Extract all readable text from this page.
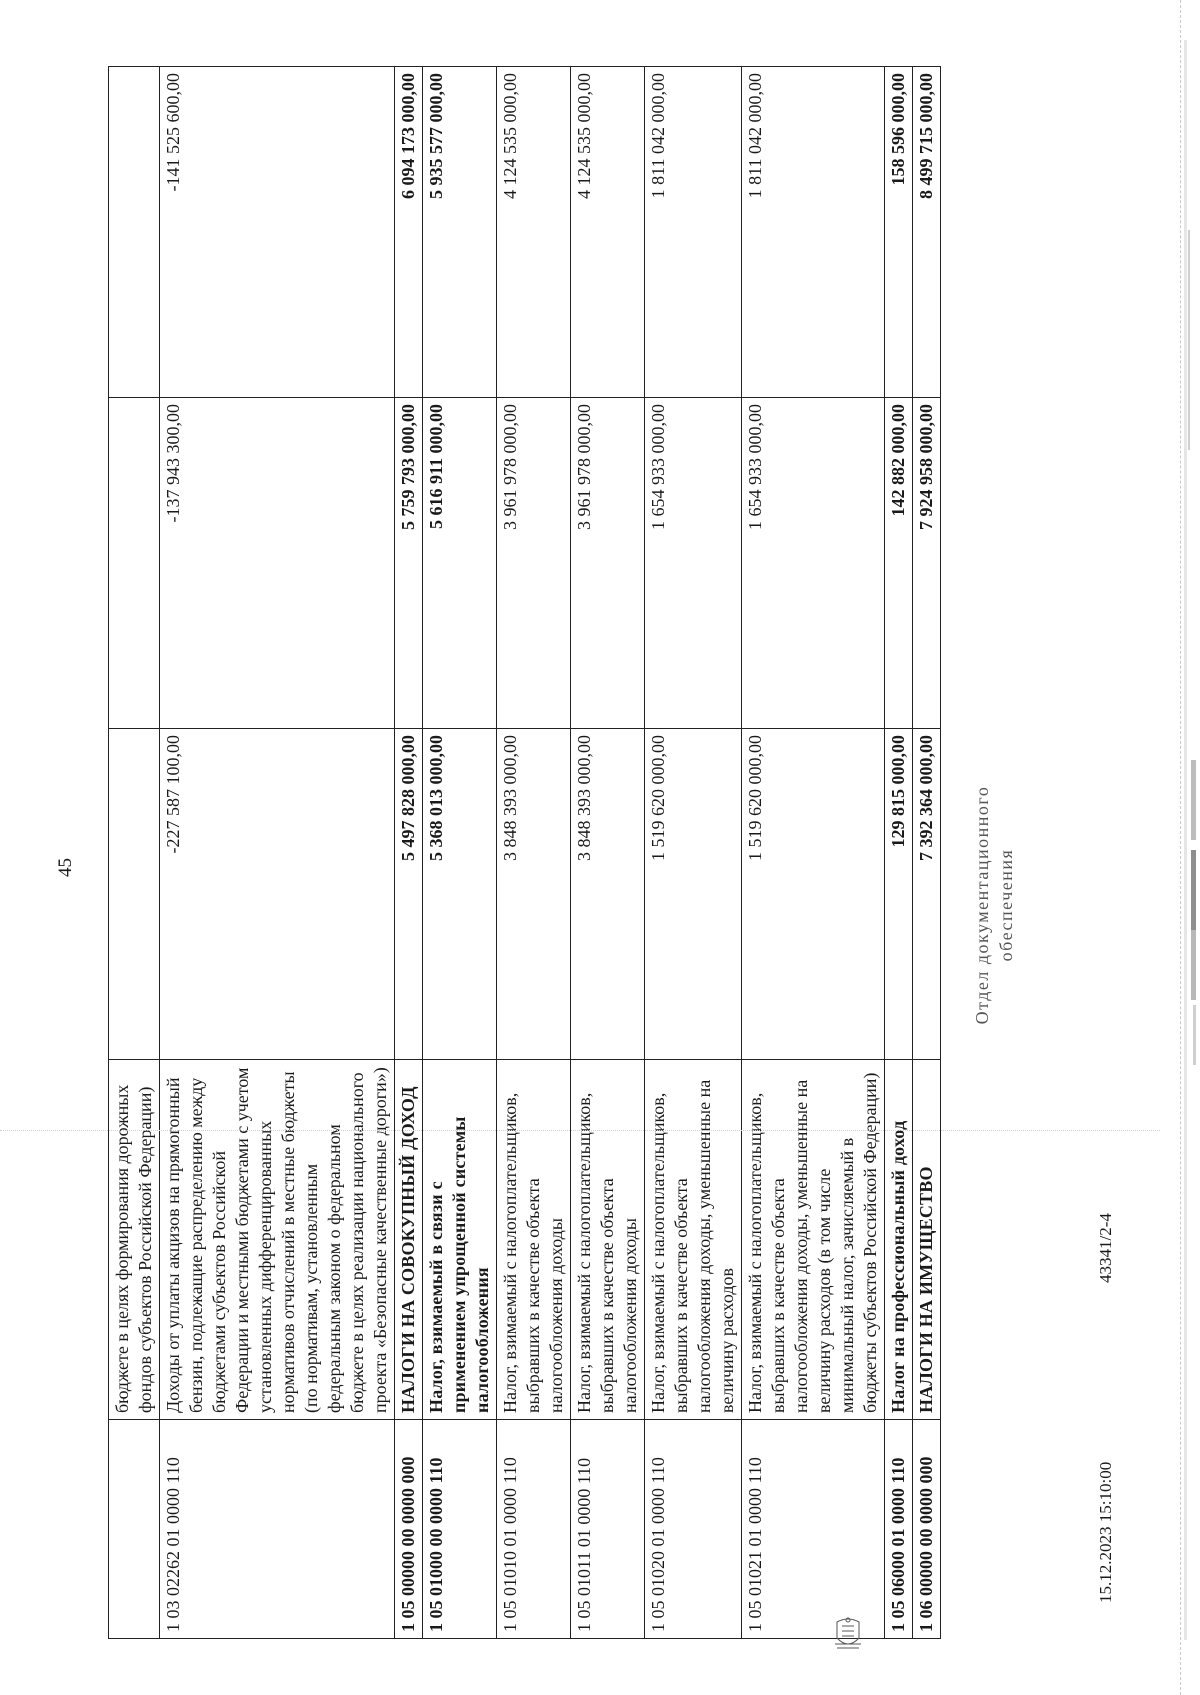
45
	бюджете в целях формирования дорожных фондов субъектов Российской Федерации)			
1 03 02262 01 0000 110	Доходы от уплаты акцизов на прямогонный бензин, подлежащие распределению между бюджетами субъектов Российской Федерации и местными бюджетами с учетом установленных дифференцированных нормативов отчислений в местные бюджеты (по нормативам, установленным федеральным законом о федеральном бюджете в целях реализации национального проекта «Безопасные качественные дороги»)	-227 587 100,00	-137 943 300,00	-141 525 600,00
1 05 00000 00 0000 000	НАЛОГИ НА СОВОКУПНЫЙ ДОХОД	5 497 828 000,00	5 759 793 000,00	6 094 173 000,00
1 05 01000 00 0000 110	Налог, взимаемый в связи с применением упрощенной системы налогообложения	5 368 013 000,00	5 616 911 000,00	5 935 577 000,00
1 05 01010 01 0000 110	Налог, взимаемый с налогоплательщиков, выбравших в качестве объекта налогообложения доходы	3 848 393 000,00	3 961 978 000,00	4 124 535 000,00
1 05 01011 01 0000 110	Налог, взимаемый с налогоплательщиков, выбравших в качестве объекта налогообложения доходы	3 848 393 000,00	3 961 978 000,00	4 124 535 000,00
1 05 01020 01 0000 110	Налог, взимаемый с налогоплательщиков, выбравших в качестве объекта налогообложения доходы, уменьшенные на величину расходов	1 519 620 000,00	1 654 933 000,00	1 811 042 000,00
1 05 01021 01 0000 110	Налог, взимаемый с налогоплательщиков, выбравших в качестве объекта налогообложения доходы, уменьшенные на величину расходов (в том числе минимальный налог, зачисляемый в бюджеты субъектов Российской Федерации)	1 519 620 000,00	1 654 933 000,00	1 811 042 000,00
1 05 06000 01 0000 110	Налог на профессиональный доход	129 815 000,00	142 882 000,00	158 596 000,00
1 06 00000 00 0000 000	НАЛОГИ НА ИМУЩЕСТВО	7 392 364 000,00	7 924 958 000,00	8 499 715 000,00
15.12.2023 15:10:00
43341/2-4
Отдел документационного обеспечения
